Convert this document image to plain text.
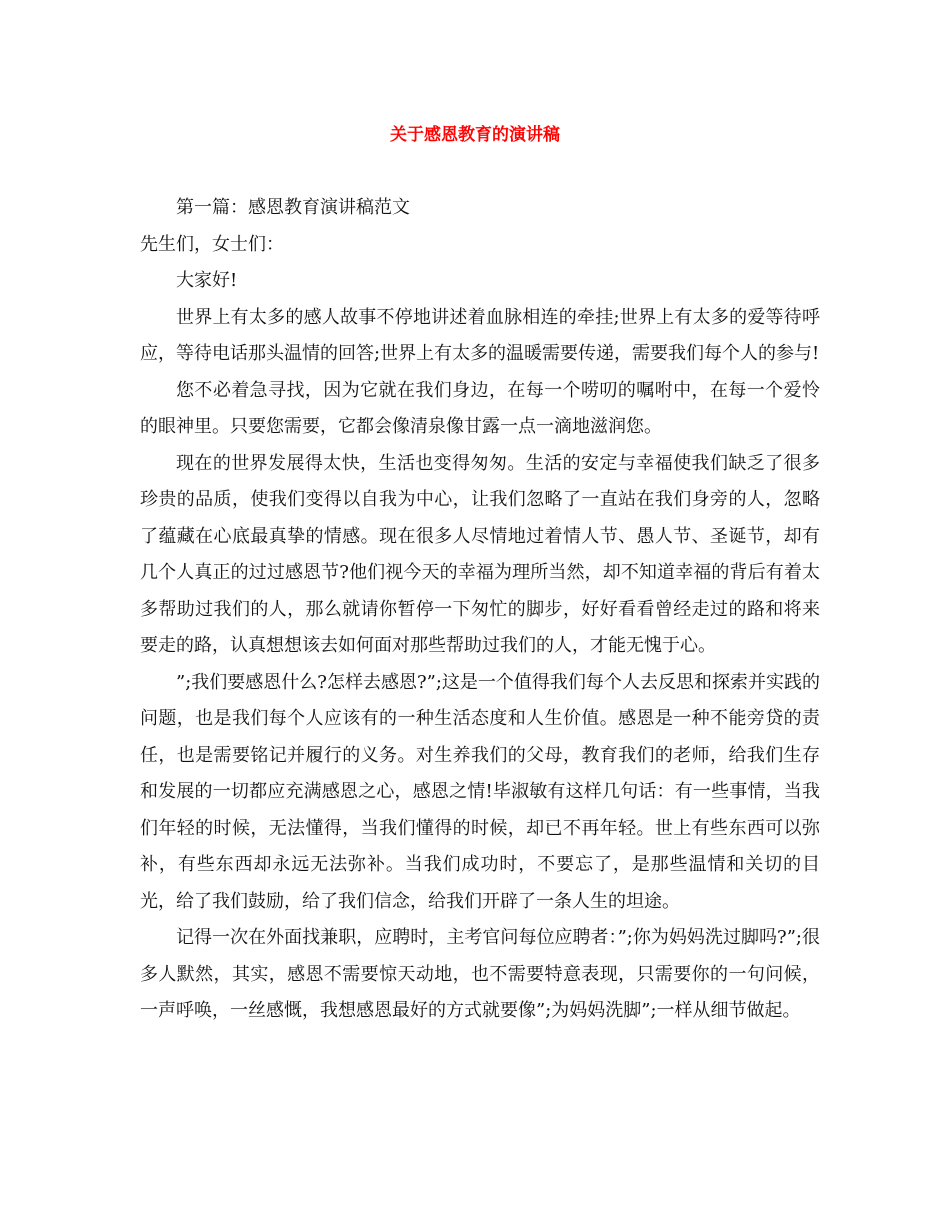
关于感恩教育的演讲稿

第一篇：感恩教育演讲稿范文

先生们，女士们：

大家好!

世界上有太多的感人故事不停地讲述着血脉相连的牵挂;世界上有太多的爱等待呼应，等待电话那头温情的回答;世界上有太多的温暖需要传递，需要我们每个人的参与!

您不必着急寻找，因为它就在我们身边，在每一个唠叨的嘱咐中，在每一个爱怜的眼神里。只要您需要，它都会像清泉像甘露一点一滴地滋润您。

现在的世界发展得太快，生活也变得匆匆。生活的安定与幸福使我们缺乏了很多珍贵的品质，使我们变得以自我为中心，让我们忽略了一直站在我们身旁的人，忽略了蕴藏在心底最真挚的情感。现在很多人尽情地过着情人节、愚人节、圣诞节，却有几个人真正的过过感恩节?他们视今天的幸福为理所当然，却不知道幸福的背后有着太多帮助过我们的人，那么就请你暂停一下匆忙的脚步，好好看看曾经走过的路和将来要走的路，认真想想该去如何面对那些帮助过我们的人，才能无愧于心。

”;我们要感恩什么?怎样去感恩?”;这是一个值得我们每个人去反思和探索并实践的问题，也是我们每个人应该有的一种生活态度和人生价值。感恩是一种不能旁贷的责任，也是需要铭记并履行的义务。对生养我们的父母，教育我们的老师，给我们生存和发展的一切都应充满感恩之心，感恩之情!毕淑敏有这样几句话：有一些事情，当我们年轻的时候，无法懂得，当我们懂得的时候，却已不再年轻。世上有些东西可以弥补，有些东西却永远无法弥补。当我们成功时，不要忘了，是那些温情和关切的目光，给了我们鼓励，给了我们信念，给我们开辟了一条人生的坦途。

记得一次在外面找兼职，应聘时，主考官问每位应聘者：”;你为妈妈洗过脚吗?”;很多人默然，其实，感恩不需要惊天动地，也不需要特意表现，只需要你的一句问候，一声呼唤，一丝感慨，我想感恩最好的方式就要像”;为妈妈洗脚”;一样从细节做起。
